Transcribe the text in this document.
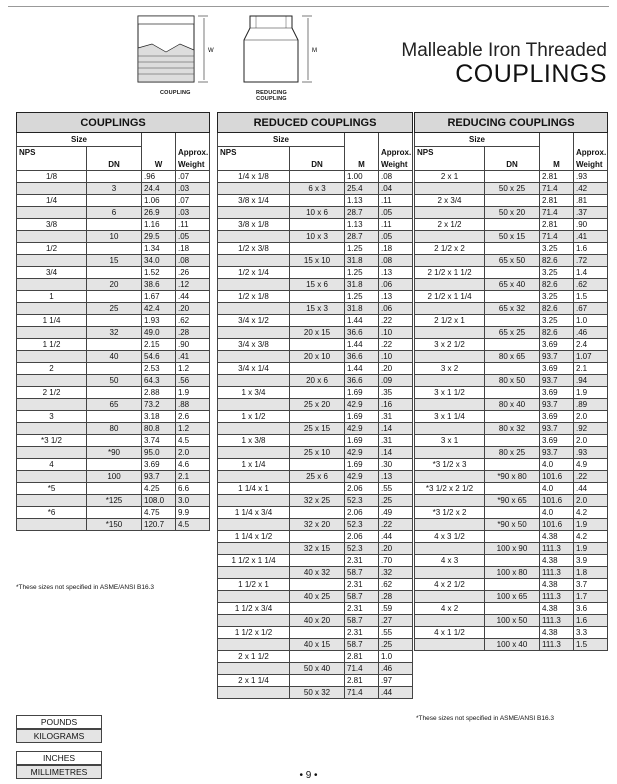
W
COUPLING
M
REDUCING
COUPLING
Malleable Iron Threaded
COUPLINGS
COUPLINGS			
Size			
NPS			Approx.
	DN	W	Weight
1/8		.96	.07
	3	24.4	.03
1/4		1.06	.07
	6	26.9	.03
3/8		1.16	.11
	10	29.5	.05
1/2		1.34	.18
	15	34.0	.08
3/4		1.52	.26
	20	38.6	.12
1		1.67	.44
	25	42.4	.20
1 1/4		1.93	.62
	32	49.0	.28
1 1/2		2.15	.90
	40	54.6	.41
2		2.53	1.2
	50	64.3	.56
2 1/2		2.88	1.9
	65	73.2	.88
3		3.18	2.6
	80	80.8	1.2
*3 1/2		3.74	4.5
	*90	95.0	2.0
4		3.69	4.6
	100	93.7	2.1
*5		4.25	6.6
	*125	108.0	3.0
*6		4.75	9.9
	*150	120.7	4.5
*These sizes not specified in ASME/ANSI B16.3
REDUCED COUPLINGS			
Size			
NPS			Approx.
	DN	M	Weight
1/4 x 1/8		1.00	.08
	6 x 3	25.4	.04
3/8 x 1/4		1.13	.11
	10 x 6	28.7	.05
3/8 x 1/8		1.13	.11
	10 x 3	28.7	.05
1/2 x 3/8		1.25	.18
	15 x 10	31.8	.08
1/2 x 1/4		1.25	.13
	15 x 6	31.8	.06
1/2 x 1/8		1.25	.13
	15 x 3	31.8	.06
3/4 x 1/2		1.44	.22
	20 x 15	36.6	.10
3/4 x 3/8		1.44	.22
	20 x 10	36.6	.10
3/4 x 1/4		1.44	.20
	20 x 6	36.6	.09
1 x 3/4		1.69	.35
	25 x 20	42.9	.16
1 x 1/2		1.69	.31
	25 x 15	42.9	.14
1 x 3/8		1.69	.31
	25 x 10	42.9	.14
1 x 1/4		1.69	.30
	25 x 6	42.9	.13
1 1/4 x 1		2.06	.55
	32 x 25	52.3	.25
1 1/4 x 3/4		2.06	.49
	32 x 20	52.3	.22
1 1/4 x 1/2		2.06	.44
	32 x 15	52.3	.20
1 1/2 x 1 1/4		2.31	.70
	40 x 32	58.7	.32
1 1/2 x 1		2.31	.62
	40 x 25	58.7	.28
1 1/2 x 3/4		2.31	.59
	40 x 20	58.7	.27
1 1/2 x 1/2		2.31	.55
	40 x 15	58.7	.25
2 x 1 1/2		2.81	1.0
	50 x 40	71.4	.46
2 x 1 1/4		2.81	.97
	50 x 32	71.4	.44
REDUCING COUPLINGS			
Size			
NPS			Approx.
	DN	M	Weight
2 x 1		2.81	.93
	50 x 25	71.4	.42
2 x 3/4		2.81	.81
	50 x 20	71.4	.37
2 x 1/2		2.81	.90
	50 x 15	71.4	.41
2 1/2 x 2		3.25	1.6
	65 x 50	82.6	.72
2 1/2 x 1 1/2		3.25	1.4
	65 x 40	82.6	.62
2 1/2 x 1 1/4		3.25	1.5
	65 x 32	82.6	.67
2 1/2 x 1		3.25	1.0
	65 x 25	82.6	.46
3 x 2 1/2		3.69	2.4
	80 x 65	93.7	1.07
3 x 2		3.69	2.1
	80 x 50	93.7	.94
3 x 1 1/2		3.69	1.9
	80 x 40	93.7	.89
3 x 1 1/4		3.69	2.0
	80 x 32	93.7	.92
3 x 1		3.69	2.0
	80 x 25	93.7	.93
*3 1/2 x 3		4.0	4.9
	*90 x 80	101.6	.22
*3 1/2 x 2 1/2		4.0	.44
	*90 x 65	101.6	2.0
*3 1/2 x 2		4.0	4.2
	*90 x 50	101.6	1.9
4 x 3 1/2		4.38	4.2
	100 x 90	111.3	1.9
4 x 3		4.38	3.9
	100 x 80	111.3	1.8
4 x 2 1/2		4.38	3.7
	100 x 65	111.3	1.7
4 x 2		4.38	3.6
	100 x 50	111.3	1.6
4 x 1 1/2		4.38	3.3
	100 x 40	111.3	1.5
*These sizes not specified in ASME/ANSI B16.3
POUNDS
KILOGRAMS
INCHES
MILLIMETRES	• 9 •
